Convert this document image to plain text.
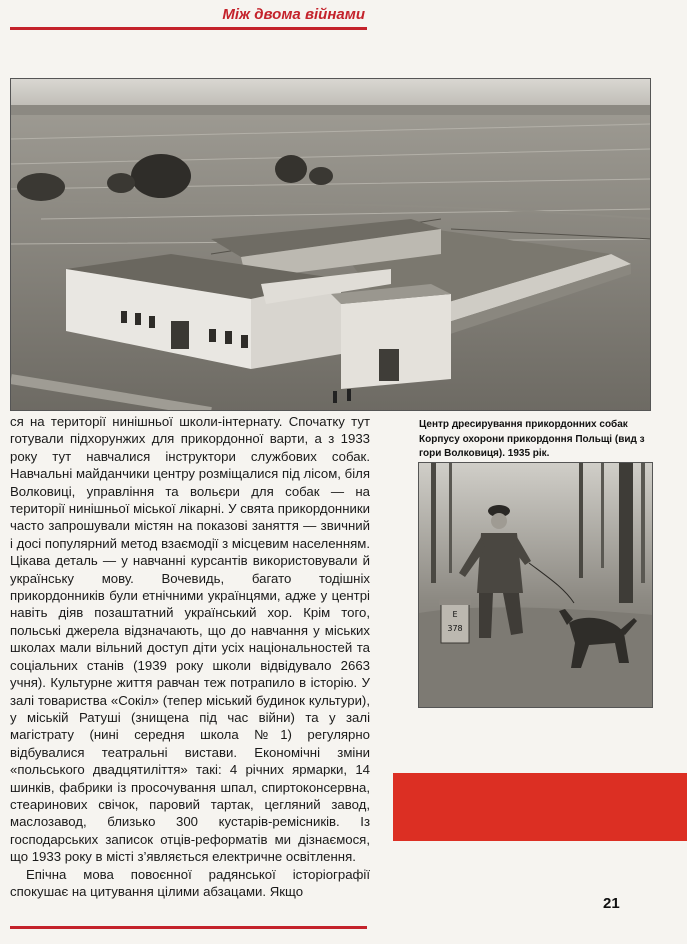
Між двома війнами

ся на території нинішньої школи-інтернату. Спочатку тут готували підхорунжих для прикордонної варти, а з 1933 року тут навчалися інструктори службових собак. Навчальні майданчики центру розміщалися під лісом, біля Волковиці, управління та вольєри для собак — на території нинішньої міської лікарні. У свята прикордонники часто запрошували містян на показові заняття — звичний і досі популярний метод взаємодії з місцевим населенням. Цікава деталь — у навчанні курсантів використовували й українську мову. Вочевидь, багато тодішніх прикордонників були етнічними українцями, адже у центрі навіть діяв позаштатний український хор. Крім того, польські джерела відзначають, що до навчання у міських школах мали вільний доступ діти усіх національностей та соціальних станів (1939 року школи відвідувало 2663 учня). Культурне життя равчан теж потрапило в історію. У залі товариства «Сокіл» (тепер міський будинок культури), у міській Ратуші (знищена під час війни) та у залі магістрату (нині середня школа №1) регулярно відбувалися театральні вистави. Економічні зміни «польського двадцятиліття» такі: 4 річних ярмарки, 14 шинків, фабрики із просочування шпал, спиртоконсервна, стеаринових свічок, паровий тартак, цегляний завод, маслозавод, близько 300 кустарів-ремісників. Із господарських записок отців-реформатів ми дізнаємося, що 1933 року в місті з’являється електричне освітлення.

Епічна мова повоєнної радянської історіографії спокушає на цитування цілими абзацами. Якщо

Центр дресирування прикордонних собак Корпусу охорони прикордоння Польщі (вид з гори Волковиця). 1935 рік.
E
378
21
